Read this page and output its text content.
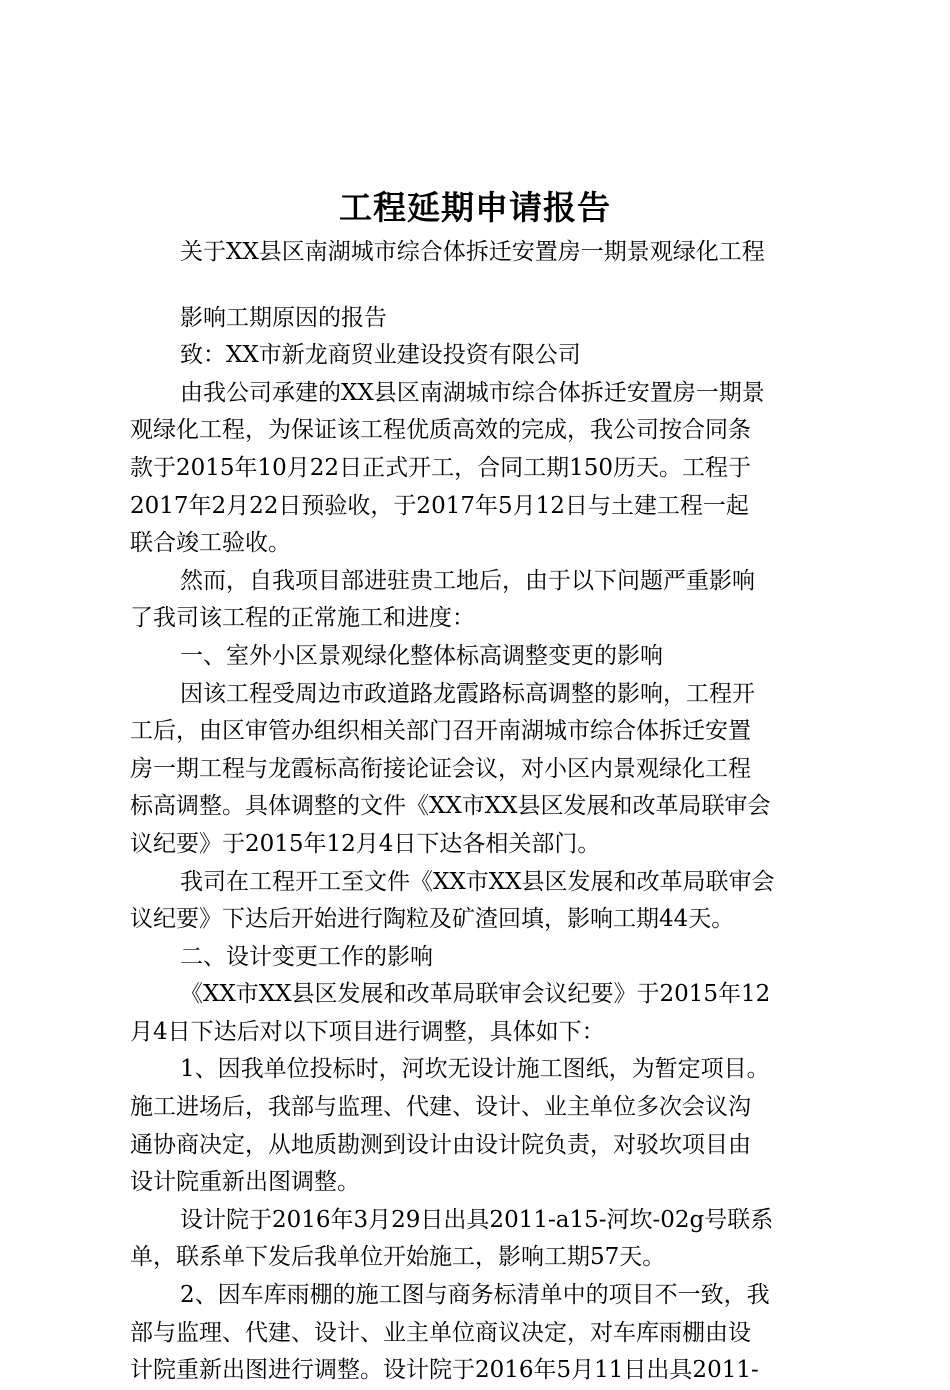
工程延期申请报告
关于XX县区南湖城市综合体拆迁安置房一期景观绿化工程
影响工期原因的报告
致：XX市新龙商贸业建设投资有限公司
由我公司承建的XX县区南湖城市综合体拆迁安置房一期景
观绿化工程，为保证该工程优质高效的完成，我公司按合同条
款于2015年10月22日正式开工，合同工期150历天。工程于
2017年2月22日预验收，于2017年5月12日与土建工程一起
联合竣工验收。
然而，自我项目部进驻贵工地后，由于以下问题严重影响
了我司该工程的正常施工和进度：
一、室外小区景观绿化整体标高调整变更的影响
因该工程受周边市政道路龙霞路标高调整的影响，工程开
工后，由区审管办组织相关部门召开南湖城市综合体拆迁安置
房一期工程与龙霞标高衔接论证会议，对小区内景观绿化工程
标高调整。具体调整的文件《XX市XX县区发展和改革局联审会
议纪要》于2015年12月4日下达各相关部门。
我司在工程开工至文件《XX市XX县区发展和改革局联审会
议纪要》下达后开始进行陶粒及矿渣回填，影响工期44天。
二、设计变更工作的影响
《XX市XX县区发展和改革局联审会议纪要》于2015年12
月4日下达后对以下项目进行调整，具体如下：
1、因我单位投标时，河坎无设计施工图纸，为暂定项目。
施工进场后，我部与监理、代建、设计、业主单位多次会议沟
通协商决定，从地质勘测到设计由设计院负责，对驳坎项目由
设计院重新出图调整。
设计院于2016年3月29日出具2011-a15-河坎-02g号联系
单，联系单下发后我单位开始施工，影响工期57天。
2、因车库雨棚的施工图与商务标清单中的项目不一致，我
部与监理、代建、设计、业主单位商议决定，对车库雨棚由设
计院重新出图进行调整。设计院于2016年5月11日出具2011-
